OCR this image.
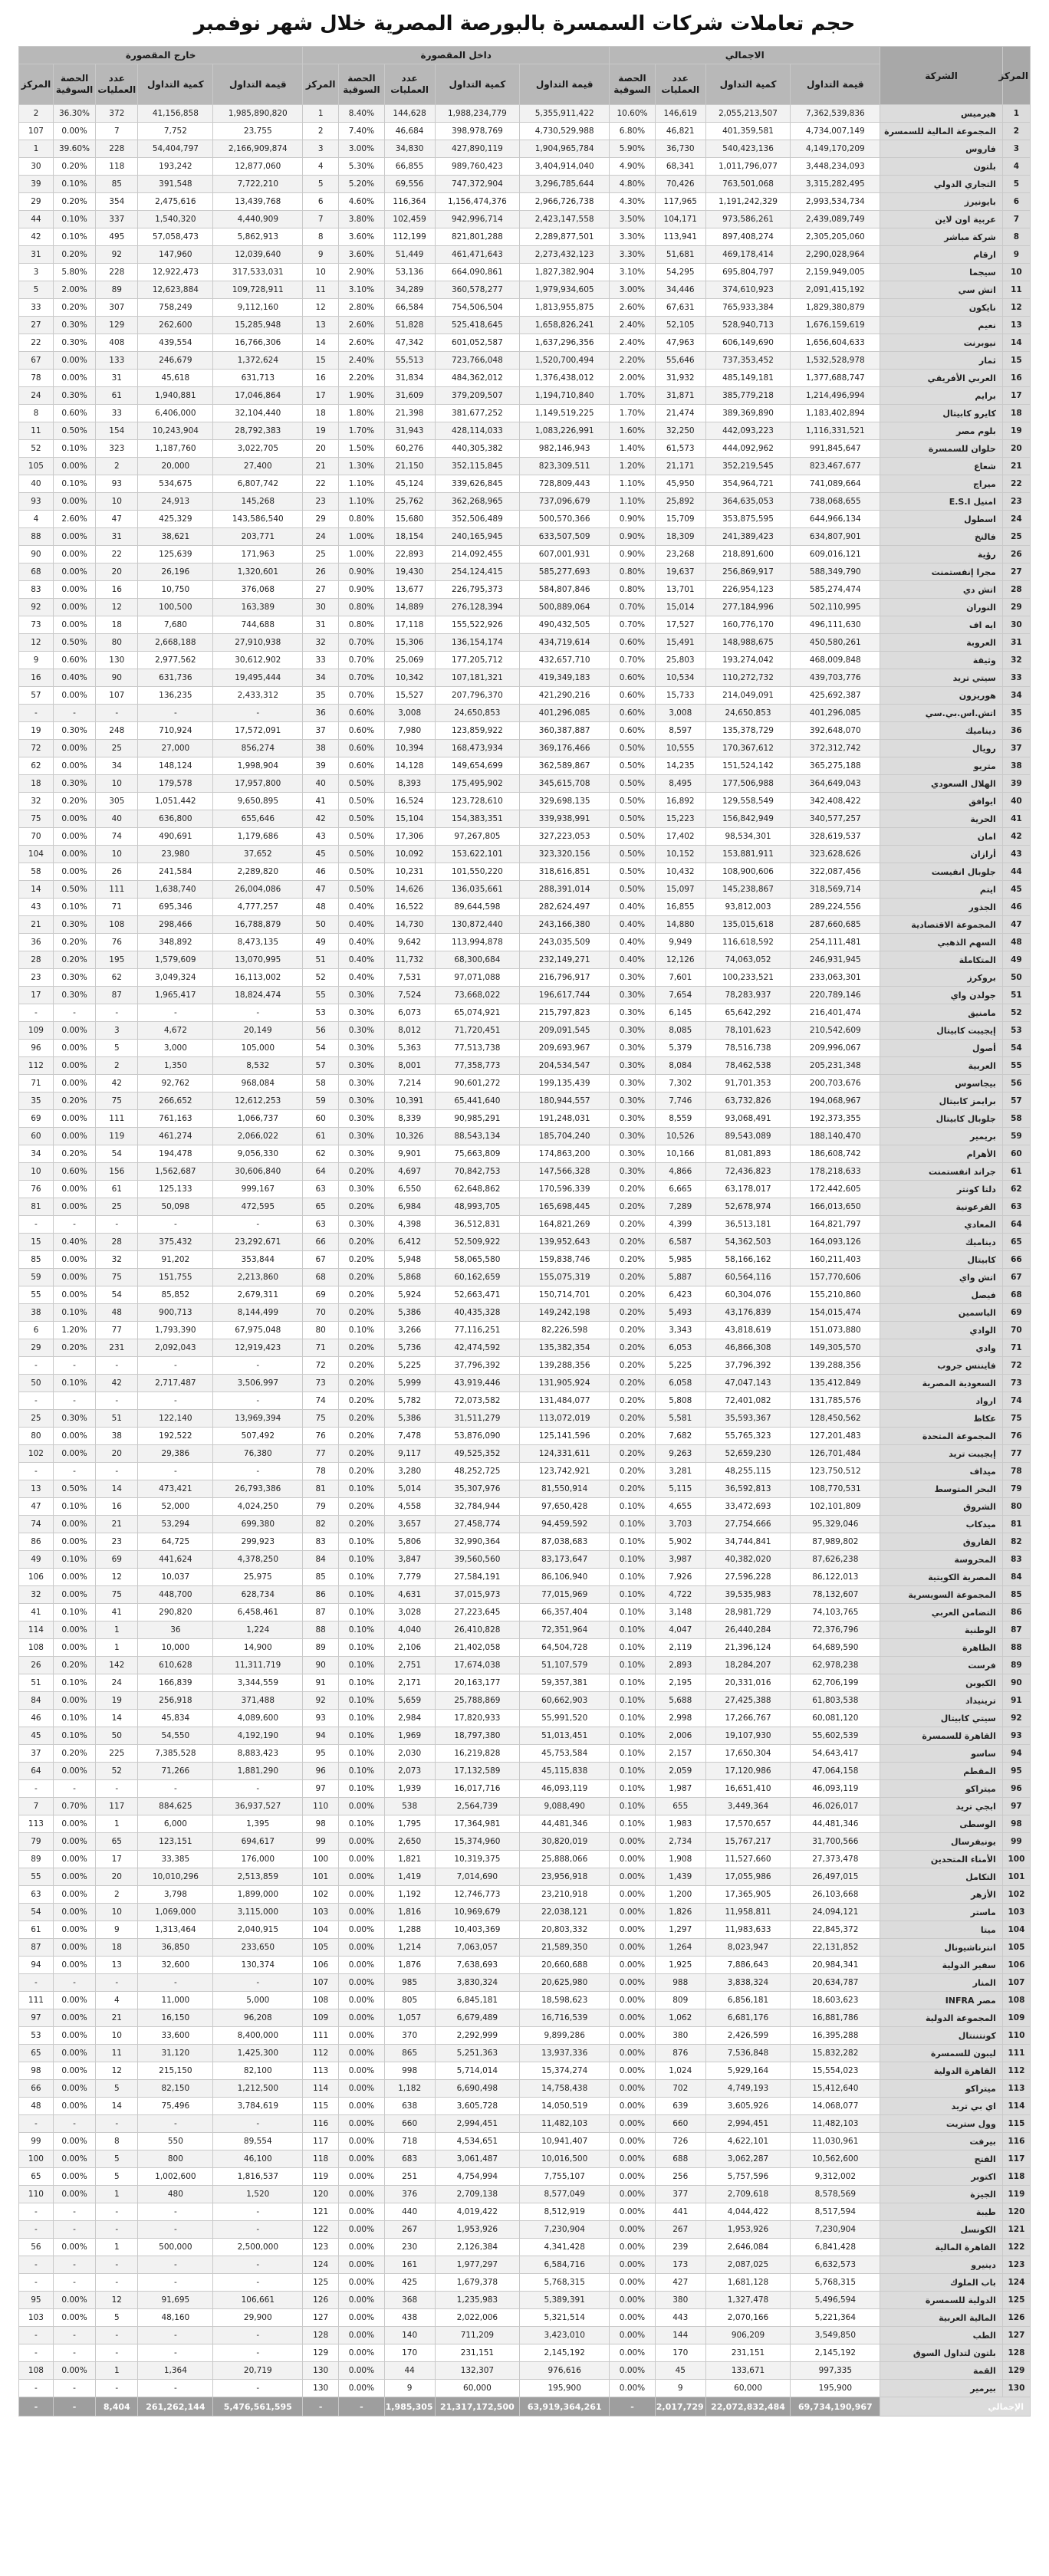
حجم تعاملات شركات السمسرة بالبورصة المصرية خلال شهر نوفمبر
المركز	الشركة	الاجمالي				داخل المقصورة					خارج المقصورة				
		قيمة التداول	كمية التداول	عدد العمليات	الحصة السوقية	قيمة التداول	كمية التداول	عدد العمليات	الحصة السوقية	المركز	قيمة التداول	كمية التداول	عدد العمليات	الحصة السوقية	المركز
1	هيرميس	7,362,539,836	2,055,213,507	146,619	10.60%	5,355,911,422	1,988,234,779	144,628	8.40%	1	1,985,890,820	41,156,858	372	36.30%	2
2	المجموعة المالية للسمسرة	4,734,007,149	401,359,581	46,821	6.80%	4,730,529,988	398,978,769	46,684	7.40%	2	23,755	7,752	7	0.00%	107
3	فاروس	4,149,170,209	540,423,136	36,730	5.90%	1,904,965,784	427,890,119	34,830	3.00%	3	2,166,909,874	54,404,797	228	39.60%	1
4	بلتون	3,448,234,093	1,011,796,077	68,341	4.90%	3,404,914,040	989,760,423	66,855	5.30%	4	12,877,060	193,242	118	0.20%	30
5	التجاري الدولي	3,315,282,495	763,501,068	70,426	4.80%	3,296,785,644	747,372,904	69,556	5.20%	5	7,722,210	391,548	85	0.10%	39
6	بايونيرز	2,993,534,734	1,191,242,329	117,965	4.30%	2,966,726,738	1,156,474,376	116,364	4.60%	6	13,439,768	2,475,616	354	0.20%	29
7	عربية اون لاين	2,439,089,749	973,586,261	104,171	3.50%	2,423,147,558	942,996,714	102,459	3.80%	7	4,440,909	1,540,320	337	0.10%	44
8	شركة مباشر	2,305,205,060	897,408,274	113,941	3.30%	2,289,877,501	821,801,288	112,199	3.60%	8	5,862,913	57,058,473	495	0.10%	42
9	ارقام	2,290,028,964	469,178,414	51,681	3.30%	2,273,432,123	461,471,643	51,449	3.60%	9	12,039,640	147,960	92	0.20%	31
10	سيجما	2,159,949,005	695,804,797	54,295	3.10%	1,827,382,904	664,090,861	53,136	2.90%	10	317,533,031	12,922,473	228	5.80%	3
11	اتش سي	2,091,415,192	374,610,923	34,446	3.00%	1,979,934,605	360,578,277	34,289	3.10%	11	109,728,911	12,623,884	89	2.00%	5
12	نايكون	1,829,380,879	765,933,384	67,631	2.60%	1,813,955,875	754,506,504	66,584	2.80%	12	9,112,160	758,249	307	0.20%	33
13	نعيم	1,676,159,619	528,940,713	52,105	2.40%	1,658,826,241	525,418,645	51,828	2.60%	13	15,285,948	262,600	129	0.30%	27
14	نيوبرنت	1,656,604,633	606,149,690	47,963	2.40%	1,637,296,356	601,052,587	47,342	2.60%	14	16,766,306	439,554	408	0.30%	22
15	ثمار	1,532,528,978	737,353,452	55,646	2.20%	1,520,700,494	723,766,048	55,513	2.40%	15	1,372,624	246,679	133	0.00%	67
16	العربي الأفريقي	1,377,688,747	485,149,181	31,932	2.00%	1,376,438,012	484,362,012	31,834	2.20%	16	631,713	45,618	31	0.00%	78
17	برايم	1,214,496,994	385,779,218	31,871	1.70%	1,194,710,840	379,209,507	31,609	1.90%	17	17,046,864	1,940,881	61	0.30%	24
18	كايرو كابيتال	1,183,402,894	389,369,890	21,474	1.70%	1,149,519,225	381,677,252	21,398	1.80%	18	32,104,440	6,406,000	33	0.60%	8
19	بلوم مصر	1,116,331,521	442,093,223	32,250	1.60%	1,083,226,991	428,114,033	31,943	1.70%	19	28,792,383	10,243,904	154	0.50%	11
20	حلوان للسمسرة	991,845,647	444,092,962	61,573	1.40%	982,146,943	440,305,382	60,276	1.50%	20	3,022,705	1,187,760	323	0.10%	52
21	شعاع	823,467,677	352,219,545	21,171	1.20%	823,309,511	352,115,845	21,150	1.30%	21	27,400	20,000	2	0.00%	105
22	ميراج	741,089,664	354,964,721	45,950	1.10%	728,809,443	339,626,845	45,124	1.10%	22	6,807,742	534,675	93	0.10%	40
23	امنيل E.S.I	738,068,655	364,635,053	25,892	1.10%	737,096,679	362,268,965	25,762	1.10%	23	145,268	24,913	10	0.00%	93
24	اسطول	644,966,134	353,875,595	15,709	0.90%	500,570,366	352,506,489	15,680	0.80%	29	143,586,540	425,329	47	2.60%	4
25	فالنخ	634,807,901	241,389,423	18,309	0.90%	633,507,509	240,165,945	18,154	1.00%	24	203,771	38,621	31	0.00%	88
26	رؤية	609,016,121	218,891,600	23,268	0.90%	607,001,931	214,092,455	22,893	1.00%	25	171,963	125,639	22	0.00%	90
27	مجرا إنفستمنت	588,349,790	256,869,917	19,637	0.80%	585,277,693	254,124,415	19,430	0.90%	26	1,320,601	26,196	20	0.00%	68
28	اتش دي	585,274,474	226,954,123	13,701	0.80%	584,807,846	226,795,373	13,677	0.90%	27	376,068	10,750	16	0.00%	83
29	النوران	502,110,995	277,184,996	15,014	0.70%	500,889,064	276,128,394	14,889	0.80%	30	163,389	100,500	12	0.00%	92
30	ايه اف	496,111,630	160,776,170	17,527	0.70%	490,432,505	155,522,926	17,118	0.80%	31	744,688	7,680	18	0.00%	73
31	العروبة	450,580,261	148,988,675	15,491	0.60%	434,719,614	136,154,174	15,306	0.70%	32	27,910,938	2,668,188	80	0.50%	12
32	وثيقة	468,009,848	193,274,042	25,803	0.70%	432,657,710	177,205,712	25,069	0.70%	33	30,612,902	2,977,562	130	0.60%	9
33	سيتي تريد	439,703,776	110,272,732	10,534	0.60%	419,349,183	107,181,321	10,342	0.70%	34	19,495,444	631,736	90	0.40%	16
34	هوريزون	425,692,387	214,049,091	15,733	0.60%	421,290,216	207,796,370	15,527	0.70%	35	2,433,312	136,235	107	0.00%	57
35	اتش.اس.بي.سي	401,296,085	24,650,853	3,008	0.60%	401,296,085	24,650,853	3,008	0.60%	36	-	-	-	-	-
36	ديناميك	392,648,070	135,378,729	8,597	0.60%	360,387,887	123,859,922	7,980	0.60%	37	17,572,091	710,924	248	0.30%	19
37	رويال	372,312,742	170,367,612	10,555	0.50%	369,176,466	168,473,934	10,394	0.60%	38	856,274	27,000	25	0.00%	72
38	متريو	365,275,188	151,524,142	14,235	0.50%	362,589,867	149,654,699	14,128	0.60%	39	1,998,904	148,124	34	0.00%	62
39	الهلال السعودي	364,649,043	177,506,988	8,495	0.50%	345,615,708	175,495,902	8,393	0.50%	40	17,957,800	179,578	10	0.30%	18
40	ايوافق	342,408,422	129,558,549	16,892	0.50%	329,698,135	123,728,610	16,524	0.50%	41	9,650,895	1,051,442	305	0.20%	32
41	الحرية	340,577,257	156,842,949	15,223	0.50%	339,938,991	154,383,351	15,104	0.50%	42	655,646	636,800	40	0.00%	75
42	امان	328,619,537	98,534,301	17,402	0.50%	327,223,053	97,267,805	17,306	0.50%	43	1,179,686	490,691	74	0.00%	70
43	أرازان	323,628,626	153,881,911	10,152	0.50%	323,320,156	153,622,101	10,092	0.50%	45	37,652	23,980	10	0.00%	104
44	جلوبال انفيست	322,087,456	108,900,606	10,432	0.50%	318,616,851	101,550,220	10,231	0.50%	46	2,289,820	241,584	26	0.00%	58
45	ايتم	318,569,714	145,238,867	15,097	0.50%	288,391,014	136,035,661	14,626	0.50%	47	26,004,086	1,638,740	111	0.50%	14
46	الجذور	289,224,556	93,812,003	16,855	0.40%	282,624,497	89,644,598	16,522	0.40%	48	4,777,257	695,346	71	0.10%	43
47	المجموعة الاقتصادية	287,660,685	135,015,618	14,880	0.40%	243,166,380	130,872,440	14,730	0.40%	50	16,788,879	298,466	108	0.30%	21
48	السهم الذهبي	254,111,481	116,618,592	9,949	0.40%	243,035,509	113,994,878	9,642	0.40%	49	8,473,135	348,892	76	0.20%	36
49	المتكاملة	246,931,945	74,063,052	12,126	0.40%	232,149,271	68,300,684	11,732	0.40%	51	13,070,995	1,579,609	195	0.20%	28
50	بروكرز	233,063,301	100,233,521	7,601	0.30%	216,796,917	97,071,088	7,531	0.40%	52	16,113,002	3,049,324	62	0.30%	23
51	جولدن واي	220,789,146	78,283,937	7,654	0.30%	196,617,744	73,668,022	7,524	0.30%	55	18,824,474	1,965,417	87	0.30%	17
52	مامنيق	216,401,474	65,642,292	6,145	0.30%	215,797,823	65,074,921	6,073	0.30%	53	-	-	-	-	-
53	إيجيبت كابيتال	210,542,609	78,101,623	8,085	0.30%	209,091,545	71,720,451	8,012	0.30%	56	20,149	4,672	3	0.00%	109
54	أصول	209,996,067	78,516,738	5,379	0.30%	209,693,967	77,513,738	5,363	0.30%	54	105,000	3,000	5	0.00%	96
55	العربية	205,231,348	78,462,538	8,084	0.30%	204,534,547	77,358,773	8,001	0.30%	57	8,532	1,350	2	0.00%	112
56	بيجاسوس	200,703,676	91,701,353	7,302	0.30%	199,135,439	90,601,272	7,214	0.30%	58	968,084	92,762	42	0.00%	71
57	برايمز كابيتال	194,068,967	63,732,826	7,746	0.30%	180,944,557	65,441,640	10,391	0.30%	59	12,612,253	266,652	75	0.20%	35
58	جلوبال كابيتال	192,373,355	93,068,491	8,559	0.30%	191,248,031	90,985,291	8,339	0.30%	60	1,066,737	761,163	111	0.00%	69
59	بريمير	188,140,470	89,543,089	10,526	0.30%	185,704,240	88,543,134	10,326	0.30%	61	2,066,022	461,274	119	0.00%	60
60	الأهرام	186,608,742	81,081,893	10,166	0.30%	174,863,200	75,663,809	9,901	0.30%	62	9,056,330	194,478	54	0.20%	34
61	جراند انفستمنت	178,218,633	72,436,823	4,866	0.30%	147,566,328	70,842,753	4,697	0.20%	64	30,606,840	1,562,687	156	0.60%	10
62	دلتا كونتر	172,442,605	63,178,017	6,665	0.20%	170,596,339	62,648,862	6,550	0.30%	63	999,167	125,133	61	0.00%	76
63	الفرعونية	166,013,650	52,678,974	7,289	0.20%	165,698,445	48,993,705	6,984	0.20%	65	472,595	50,098	25	0.00%	81
64	المعادي	164,821,797	36,513,181	4,399	0.20%	164,821,269	36,512,831	4,398	0.30%	63	-	-	-	-	-
65	ديناميك	164,093,126	54,362,503	6,587	0.20%	139,952,643	52,509,922	6,412	0.20%	66	23,292,671	375,432	28	0.40%	15
66	كابيتال	160,211,403	58,166,162	5,985	0.20%	159,838,746	58,065,580	5,948	0.20%	67	353,844	91,202	32	0.00%	85
67	اتش واي	157,770,606	60,564,116	5,887	0.20%	155,075,319	60,162,659	5,868	0.20%	68	2,213,860	151,755	75	0.00%	59
68	فيصل	155,210,860	60,304,076	6,423	0.20%	150,714,701	52,663,471	5,924	0.20%	69	2,679,311	85,852	54	0.00%	55
69	الياسمين	154,015,474	43,176,839	5,493	0.20%	149,242,198	40,435,328	5,386	0.20%	70	8,144,499	900,713	48	0.10%	38
70	الوادي	151,073,880	43,818,619	3,343	0.20%	82,226,598	77,116,251	3,266	0.10%	80	67,975,048	1,793,390	77	1.20%	6
71	وادي	149,305,570	46,866,308	6,053	0.20%	135,382,354	42,474,592	5,736	0.20%	71	12,919,423	2,092,043	231	0.20%	29
72	فايننس جروب	139,288,356	37,796,392	5,225	0.20%	139,288,356	37,796,392	5,225	0.20%	72	-	-	-	-	-
73	السعودية المصرية	135,412,849	47,047,143	6,058	0.20%	131,905,924	43,919,446	5,999	0.20%	73	3,506,997	2,717,487	42	0.10%	50
74	ارواد	131,785,576	72,401,082	5,808	0.20%	131,484,077	72,073,582	5,782	0.20%	74	-	-	-	-	-
75	عكاظ	128,450,562	35,593,367	5,581	0.20%	113,072,019	31,511,279	5,386	0.20%	75	13,969,394	122,140	51	0.30%	25
76	المجموعة المتحدة	127,201,483	55,765,323	7,682	0.20%	125,141,596	53,876,090	7,478	0.20%	76	507,492	192,522	38	0.00%	80
77	إيجيبت تريد	126,701,484	52,659,230	9,263	0.20%	124,331,611	49,525,352	9,117	0.20%	77	76,380	29,386	20	0.00%	102
78	ميداف	123,750,512	48,255,115	3,281	0.20%	123,742,921	48,252,725	3,280	0.20%	78	-	-	-	-	-
79	البحر المتوسط	108,770,531	36,592,813	5,115	0.20%	81,550,914	35,307,976	5,014	0.10%	81	26,793,386	473,421	14	0.50%	13
80	الشروق	102,101,809	33,472,693	4,655	0.10%	97,650,428	32,784,944	4,558	0.20%	79	4,024,250	52,000	16	0.10%	47
81	ميدكاب	95,329,046	27,754,666	3,703	0.10%	94,459,592	27,458,774	3,657	0.20%	82	699,380	53,294	21	0.00%	74
82	الفاروق	87,989,802	34,744,841	5,902	0.10%	87,038,683	32,990,364	5,806	0.10%	83	299,923	64,725	23	0.00%	86
83	المحروسة	87,626,238	40,382,020	3,987	0.10%	83,173,647	39,560,560	3,847	0.10%	84	4,378,250	441,624	69	0.10%	49
84	المصرية الكويتية	86,122,013	27,596,228	7,926	0.10%	86,106,940	27,584,191	7,779	0.10%	85	25,975	10,037	12	0.00%	106
85	المجموعة السويسرية	78,132,607	39,535,983	4,722	0.10%	77,015,969	37,015,973	4,631	0.10%	86	628,734	448,700	75	0.00%	32
86	التضامن العربي	74,103,765	28,981,729	3,148	0.10%	66,357,404	27,223,645	3,028	0.10%	87	6,458,461	290,820	41	0.10%	41
87	الوطنية	72,376,796	26,440,284	4,047	0.10%	72,351,964	26,410,828	4,040	0.10%	88	1,224	36	1	0.00%	114
88	الطاهرة	64,689,590	21,396,124	2,119	0.10%	64,504,728	21,402,058	2,106	0.10%	89	14,900	10,000	1	0.00%	108
89	فرست	62,978,238	18,284,207	2,893	0.10%	51,107,579	17,674,038	2,751	0.10%	90	11,311,719	610,628	142	0.20%	26
90	الكيوبن	62,706,199	20,331,016	2,195	0.10%	59,357,381	20,163,177	2,171	0.10%	91	3,344,559	166,839	24	0.10%	51
91	ترينيداد	61,803,538	27,425,388	5,688	0.10%	60,662,903	25,788,869	5,659	0.10%	92	371,488	256,918	19	0.00%	84
92	سيتي كابيتال	60,081,120	17,266,767	2,998	0.10%	55,991,520	17,820,933	2,984	0.10%	93	4,089,600	45,834	14	0.10%	46
93	القاهرة للسمسرة	55,602,539	19,107,930	2,006	0.10%	51,013,451	18,797,380	1,969	0.10%	94	4,192,190	54,550	50	0.10%	45
94	ساسو	54,643,417	17,650,304	2,157	0.10%	45,753,584	16,219,828	2,030	0.10%	95	8,883,423	7,385,528	225	0.20%	37
95	المقطم	47,064,158	17,120,986	2,059	0.10%	45,115,838	17,132,589	2,073	0.10%	96	1,881,290	71,266	52	0.00%	64
96	ميتراكو	46,093,119	16,651,410	1,987	0.10%	46,093,119	16,017,716	1,939	0.10%	97	-	-	-	-	-
97	ابجي تريد	46,026,017	3,449,364	655	0.10%	9,088,490	2,564,739	538	0.00%	110	36,937,527	884,625	117	0.70%	7
98	الوسطى	44,481,346	17,570,657	1,983	0.10%	44,481,346	17,364,981	1,795	0.10%	98	1,395	6,000	1	0.00%	113
99	يونيفرسال	31,700,566	15,767,217	2,734	0.00%	30,820,019	15,374,960	2,650	0.00%	99	694,617	123,151	65	0.00%	79
100	الأمناء المتحدين	27,373,478	11,527,660	1,908	0.00%	25,888,066	10,319,375	1,821	0.00%	100	176,000	33,385	17	0.00%	89
101	التكامل	26,497,015	17,055,986	1,439	0.00%	23,956,918	7,014,690	1,419	0.00%	101	2,513,859	10,010,296	20	0.00%	55
102	الأزهر	26,103,668	17,365,905	1,200	0.00%	23,210,918	12,746,773	1,192	0.00%	102	1,899,000	3,798	2	0.00%	63
103	ماستر	24,094,121	11,958,811	1,826	0.00%	22,038,121	10,969,679	1,816	0.00%	103	3,115,000	1,069,000	10	0.00%	54
104	ميتا	22,845,372	11,983,633	1,297	0.00%	20,803,332	10,403,369	1,288	0.00%	104	2,040,915	1,313,464	9	0.00%	61
105	انترناشيونال	22,131,852	8,023,947	1,264	0.00%	21,589,350	7,063,057	1,214	0.00%	105	233,650	36,850	18	0.00%	87
106	سفير الدولية	20,984,341	7,886,643	1,925	0.00%	20,660,688	7,638,693	1,876	0.00%	106	130,374	32,600	13	0.00%	94
107	المنار	20,634,787	3,838,324	988	0.00%	20,625,980	3,830,324	985	0.00%	107	-	-	-	-	-
108	مصر INFRA	18,603,623	6,856,181	809	0.00%	18,598,623	6,845,181	805	0.00%	108	5,000	11,000	4	0.00%	111
109	المجموعة الدولية	16,881,786	6,681,176	1,062	0.00%	16,716,539	6,679,489	1,057	0.00%	109	96,208	16,150	21	0.00%	97
110	كونتننتال	16,395,288	2,426,599	380	0.00%	9,899,286	2,292,999	370	0.00%	111	8,400,000	33,600	10	0.00%	53
111	ليبون للسمسرة	15,832,282	7,536,848	876	0.00%	13,937,336	5,251,363	865	0.00%	112	1,425,300	31,120	11	0.00%	65
112	القاهرة الدولية	15,554,023	5,929,164	1,024	0.00%	15,374,274	5,714,014	998	0.00%	113	82,100	215,150	12	0.00%	98
113	ميتراكو	15,412,640	4,749,193	702	0.00%	14,758,438	6,690,498	1,182	0.00%	114	1,212,500	82,150	5	0.00%	66
114	اي بي تريد	14,068,077	3,605,926	639	0.00%	14,050,519	3,605,728	638	0.00%	115	3,784,619	75,496	14	0.00%	48
115	وول ستريت	11,482,103	2,994,451	660	0.00%	11,482,103	2,994,451	660	0.00%	116	-	-	-	-	-
116	بيرفت	11,030,961	4,622,101	726	0.00%	10,941,407	4,534,651	718	0.00%	117	89,554	550	8	0.00%	99
117	الفتح	10,562,600	3,062,287	688	0.00%	10,016,500	3,061,487	683	0.00%	118	46,100	800	5	0.00%	100
118	اكتوبر	9,312,002	5,757,596	256	0.00%	7,755,107	4,754,994	251	0.00%	119	1,816,537	1,002,600	5	0.00%	65
119	الجيزة	8,578,569	2,709,618	377	0.00%	8,577,049	2,709,138	376	0.00%	120	1,520	480	1	0.00%	110
120	طيبة	8,517,594	4,044,422	441	0.00%	8,512,919	4,019,422	440	0.00%	121	-	-	-	-	-
121	الكونسل	7,230,904	1,953,926	267	0.00%	7,230,904	1,953,926	267	0.00%	122	-	-	-	-	-
122	القاهرة المالية	6,841,428	2,646,084	239	0.00%	4,341,428	2,126,384	230	0.00%	123	2,500,000	500,000	1	0.00%	56
123	دينيرو	6,632,573	2,087,025	173	0.00%	6,584,716	1,977,297	161	0.00%	124	-	-	-	-	-
124	باب الملوك	5,768,315	1,681,128	427	0.00%	5,768,315	1,679,378	425	0.00%	125	-	-	-	-	-
125	الدولية للسمسرة	5,496,594	1,327,478	380	0.00%	5,389,391	1,235,983	368	0.00%	126	106,661	91,695	12	0.00%	95
126	المالية العربية	5,221,364	2,070,166	443	0.00%	5,321,514	2,022,006	438	0.00%	127	29,900	48,160	5	0.00%	103
127	الطب	3,549,850	906,209	144	0.00%	3,423,010	711,209	140	0.00%	128	-	-	-	-	-
128	بلتون لتداول السوق	2,145,192	231,151	170	0.00%	2,145,192	231,151	170	0.00%	129	-	-	-	-	-
129	القمة	997,335	133,671	45	0.00%	976,616	132,307	44	0.00%	130	20,719	1,364	1	0.00%	108
130	بيرمير	195,900	60,000	9	0.00%	195,900	60,000	9	0.00%	130	-	-	-	-	-
الإجمالي		69,734,190,967	22,072,832,484	2,017,729	-	63,919,364,261	21,317,172,500	1,985,305	-	-	5,476,561,595	261,262,144	8,404	-	-
